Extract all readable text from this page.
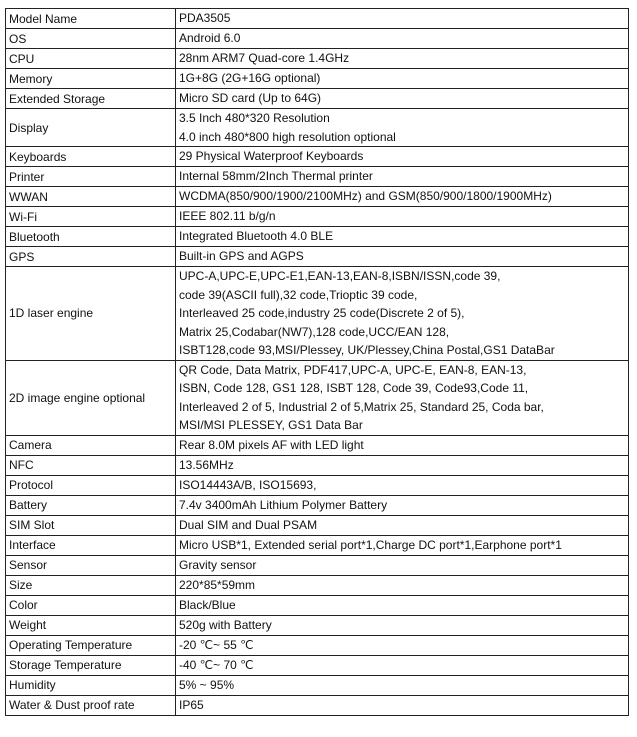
Model Name	PDA3505

OS	Android 6.0

CPU	28nm ARM7 Quad-core 1.4GHz

Memory	1G+8G (2G+16G optional)

Extended Storage	Micro SD card (Up to 64G)

Display	3.5 Inch 480*320 Resolution
4.0 inch 480*800 high resolution optional

Keyboards	29 Physical Waterproof Keyboards

Printer	Internal 58mm/2Inch Thermal printer

WWAN	WCDMA(850/900/1900/2100MHz) and GSM(850/900/1800/1900MHz)

Wi-Fi	IEEE 802.11 b/g/n

Bluetooth	Integrated Bluetooth 4.0 BLE

GPS	Built-in GPS and AGPS

1D laser engine	UPC-A,UPC-E,UPC-E1,EAN-13,EAN-8,ISBN/ISSN,code 39,
code 39(ASCII full),32 code,Trioptic 39 code,
Interleaved 25 code,industry 25 code(Discrete 2 of 5),
Matrix 25,Codabar(NW7),128 code,UCC/EAN 128,
ISBT128,code 93,MSI/Plessey, UK/Plessey,China Postal,GS1 DataBar

2D image engine optional	QR Code, Data Matrix, PDF417,UPC-A, UPC-E, EAN-8, EAN-13,
ISBN, Code 128, GS1 128, ISBT 128, Code 39, Code93,Code 11,
Interleaved 2 of 5, Industrial 2 of 5,Matrix 25, Standard 25, Coda bar,
MSI/MSI PLESSEY, GS1 Data Bar

Camera	Rear 8.0M pixels AF with LED light

NFC	13.56MHz

Protocol	ISO14443A/B, ISO15693,

Battery	7.4v 3400mAh Lithium Polymer Battery

SIM Slot	Dual SIM and Dual PSAM

Interface	Micro USB*1, Extended serial port*1,Charge DC port*1,Earphone port*1

Sensor	Gravity sensor

Size	220*85*59mm

Color	Black/Blue

Weight	520g with Battery

Operating Temperature	-20 ℃~ 55 ℃

Storage Temperature	-40 ℃~ 70 ℃

Humidity	5% ~ 95%

Water & Dust proof rate	IP65
